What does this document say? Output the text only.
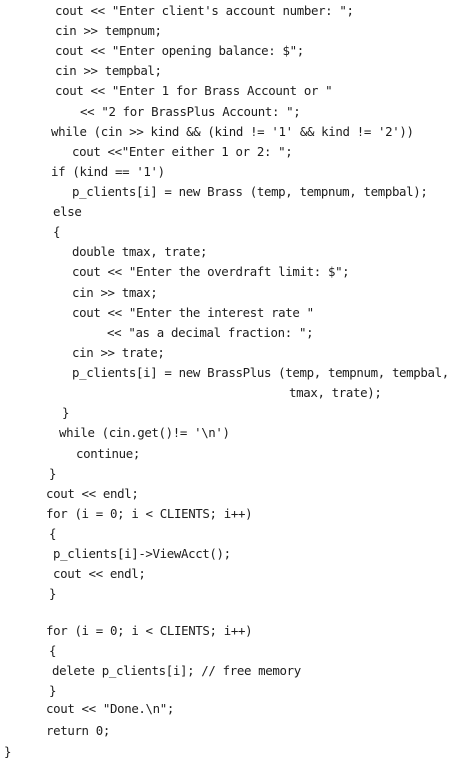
cout << "Enter client's account number: ";
cin >> tempnum;
cout << "Enter opening balance: $";
cin >> tempbal;
cout << "Enter 1 for Brass Account or "
<< "2 for BrassPlus Account: ";
while (cin >> kind && (kind != '1' && kind != '2'))
cout <<"Enter either 1 or 2: ";
if (kind == '1')
p_clients[i] = new Brass (temp, tempnum, tempbal);
else
{
double tmax, trate;
cout << "Enter the overdraft limit: $";
cin >> tmax;
cout << "Enter the interest rate "
<< "as a decimal fraction: ";
cin >> trate;
p_clients[i] = new BrassPlus (temp, tempnum, tempbal,
tmax, trate);
}
while (cin.get()!= '\n')
continue;
}
cout << endl;
for (i = 0; i < CLIENTS; i++)
{
p_clients[i]->ViewAcct();
cout << endl;
}
for (i = 0; i < CLIENTS; i++)
{
delete p_clients[i]; // free memory
}
cout << "Done.\n";
return 0;
}
